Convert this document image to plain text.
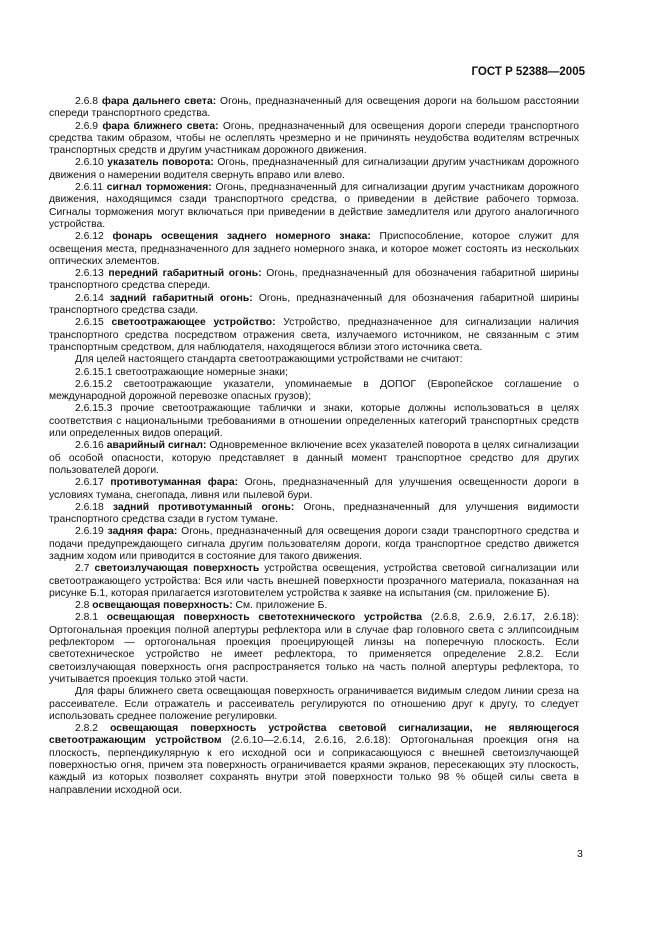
ГОСТ Р 52388—2005

2.6.8 фара дальнего света: Огонь, предназначенный для освещения дороги на большом расстоянии спереди транспортного средства.

2.6.9 фара ближнего света: Огонь, предназначенный для освещения дороги спереди транспортного средства таким образом, чтобы не ослеплять чрезмерно и не причинять неудобства водителям встречных транспортных средств и другим участникам дорожного движения.

2.6.10 указатель поворота: Огонь, предназначенный для сигнализации другим участникам дорожного движения о намерении водителя свернуть вправо или влево.

2.6.11 сигнал торможения: Огонь, предназначенный для сигнализации другим участникам дорожного движения, находящимся сзади транспортного средства, о приведении в действие рабочего тормоза. Сигналы торможения могут включаться при приведении в действие замедлителя или другого аналогичного устройства.

2.6.12 фонарь освещения заднего номерного знака: Приспособление, которое служит для освещения места, предназначенного для заднего номерного знака, и которое может состоять из нескольких оптических элементов.

2.6.13 передний габаритный огонь: Огонь, предназначенный для обозначения габаритной ширины транспортного средства спереди.

2.6.14 задний габаритный огонь: Огонь, предназначенный для обозначения габаритной ширины транспортного средства сзади.

2.6.15 светоотражающее устройство: Устройство, предназначенное для сигнализации наличия транспортного средства посредством отражения света, излучаемого источником, не связанным с этим транспортным средством, для наблюдателя, находящегося вблизи этого источника света.

Для целей настоящего стандарта светоотражающими устройствами не считают:

2.6.15.1 светоотражающие номерные знаки;

2.6.15.2 светоотражающие указатели, упоминаемые в ДОПОГ (Европейское соглашение о международной дорожной перевозке опасных грузов);

2.6.15.3 прочие светоотражающие таблички и знаки, которые должны использоваться в целях соответствия с национальными требованиями в отношении определенных категорий транспортных средств или определенных видов операций.

2.6.16 аварийный сигнал: Одновременное включение всех указателей поворота в целях сигнализации об особой опасности, которую представляет в данный момент транспортное средство для других пользователей дороги.

2.6.17 противотуманная фара: Огонь, предназначенный для улучшения освещенности дороги в условиях тумана, снегопада, ливня или пылевой бури.

2.6.18 задний противотуманный огонь: Огонь, предназначенный для улучшения видимости транспортного средства сзади в густом тумане.

2.6.19 задняя фара: Огонь, предназначенный для освещения дороги сзади транспортного средства и подачи предупреждающего сигнала другим пользователям дороги, когда транспортное средство движется задним ходом или приводится в состояние для такого движения.

2.7 светоизлучающая поверхность устройства освещения, устройства световой сигнализации или светоотражающего устройства: Вся или часть внешней поверхности прозрачного материала, показанная на рисунке Б.1, которая прилагается изготовителем устройства к заявке на испытания (см. приложение Б).

2.8 освещающая поверхность: См. приложение Б.

2.8.1 освещающая поверхность светотехнического устройства (2.6.8, 2.6.9, 2.6.17, 2.6.18): Ортогональная проекция полной апертуры рефлектора или в случае фар головного света с эллипсоидным рефлектором — ортогональная проекция проецирующей линзы на поперечную плоскость. Если светотехническое устройство не имеет рефлектора, то применяется определение 2.8.2. Если светоизлучающая поверхность огня распространяется только на часть полной апертуры рефлектора, то учитывается проекция только этой части.

Для фары ближнего света освещающая поверхность ограничивается видимым следом линии среза на рассеивателе. Если отражатель и рассеиватель регулируются по отношению друг к другу, то следует использовать среднее положение регулировки.

2.8.2 освещающая поверхность устройства световой сигнализации, не являющегося светоотражающим устройством (2.6.10—2.6.14, 2.6.16, 2.6.18): Ортогональная проекция огня на плоскость, перпендикулярную к его исходной оси и соприкасающуюся с внешней светоизлучающей поверхностью огня, причем эта поверхность ограничивается краями экранов, пересекающих эту плоскость, каждый из которых позволяет сохранять внутри этой поверхности только 98 % общей силы света в направлении исходной оси.

3
